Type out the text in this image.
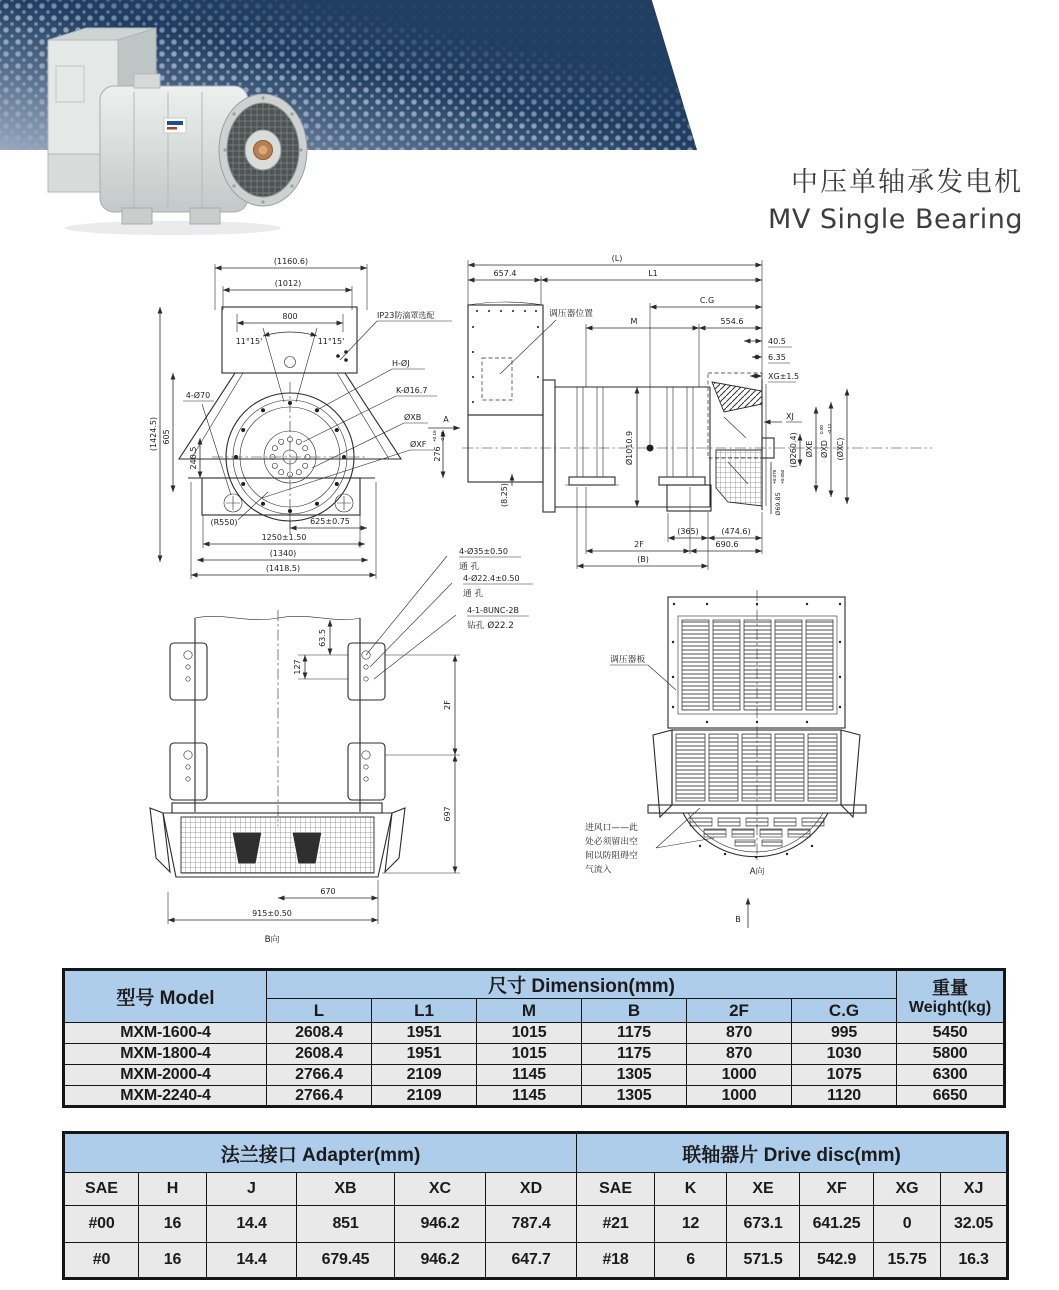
中压单轴承发电机
MV Single Bearing
(1160.6)
(1012)
800
11°15'	11°15'
4-Ø70
(1424.5) 605
240.5	276
+0.15 -0.13
A
IP23防滴罩选配
H-ØJ
K-Ø16.7
ØXB
ØXF
625±0.75
(R550)
1250±1.50
(1340)
(1418.5)
(L)
657.4	L1
C.G
M	554.6
调压器位置
40.5
6.35
XG±1.5
XJ
(Ø260.4) ØXE ØXD
0.00 -0.12
(ØXC)
Ø69.85
+0.075 +0.050
Ø1010.9
(8.25)
(365)	(474.6)
2F	690.6
(B)
63.5
127
4-Ø35±0.50
通 孔
4-Ø22.4±0.50
通 孔
4-1-8UNC-2B
钻孔 Ø22.2
2F
697
670
915±0.50
B向
调压器板
进风口——此
处必须留出空
间以防阻碍空
气流入	A向
B
型号 Model	尺寸 Dimension(mm)						重量
Weight(kg)

	L	L1	M	B	2F	C.G	
MXM-1600-4	2608.4	1951	1015	1175	870	995	5450
MXM-1800-4	2608.4	1951	1015	1175	870	1030	5800
MXM-2000-4	2766.4	2109	1145	1305	1000	1075	6300
MXM-2240-4	2766.4	2109	1145	1305	1000	1120	6650
法兰接口 Adapter(mm)						联轴器片 Drive disc(mm)					
SAE	H	J	XB	XC	XD	SAE	K	XE	XF	XG	XJ
#00	16	14.4	851	946.2	787.4	#21	12	673.1	641.25	0	32.05
#0	16	14.4	679.45	946.2	647.7	#18	6	571.5	542.9	15.75	16.3
